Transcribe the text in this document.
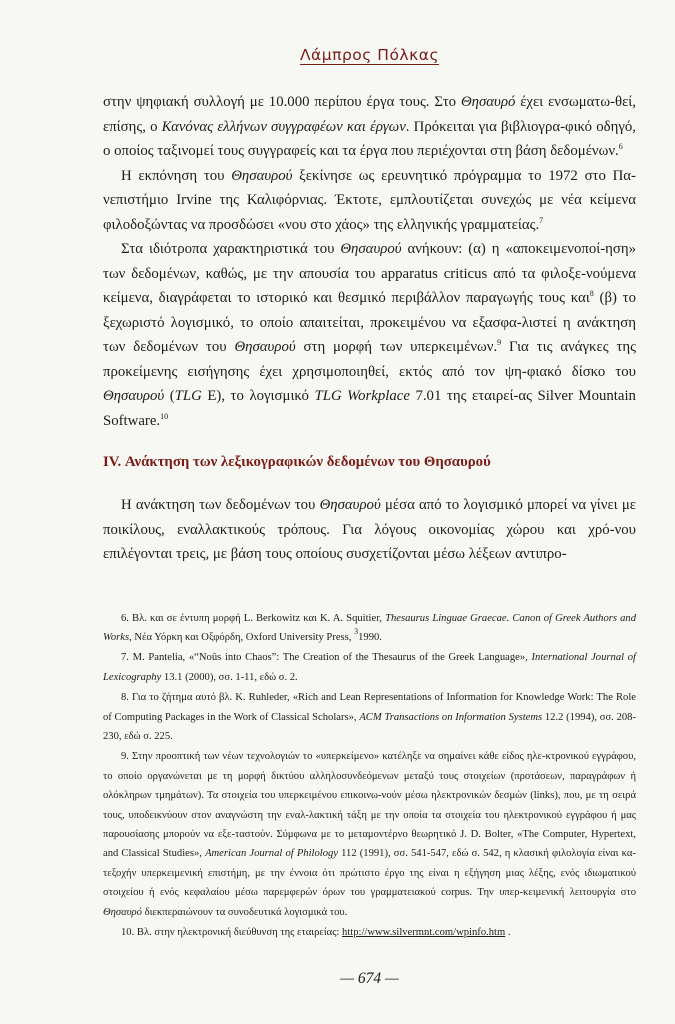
Λάμπρος Πόλκας

στην ψηφιακή συλλογή με 10.000 περίπου έργα τους. Στο Θησαυρό έχει ενσωματω-θεί, επίσης, ο Κανόνας ελλήνων συγγραφέων και έργων. Πρόκειται για βιβλιογρα-φικό οδηγό, ο οποίος ταξινομεί τους συγγραφείς και τα έργα που περιέχονται στη βάση δεδομένων.$^6$

Η εκπόνηση του Θησαυρού ξεκίνησε ως ερευνητικό πρόγραμμα το 1972 στο Πα-νεπιστήμιο Irvine της Καλιφόρνιας. Έκτοτε, εμπλουτίζεται συνεχώς με νέα κείμενα φιλοδοξώντας να προσδώσει «νου στο χάος» της ελληνικής γραμματείας.$^7$

Στα ιδιότροπα χαρακτηριστικά του Θησαυρού ανήκουν: (α) η «αποκειμενοποί-ηση» των δεδομένων, καθώς, με την απουσία του apparatus criticus από τα φιλοξε-νούμενα κείμενα, διαγράφεται το ιστορικό και θεσμικό περιβάλλον παραγωγής τους και$^8$ (β) το ξεχωριστό λογισμικό, το οποίο απαιτείται, προκειμένου να εξασφα-λιστεί η ανάκτηση των δεδομένων του Θησαυρού στη μορφή των υπερκειμένων.$^9$ Για τις ανάγκες της προκείμενης εισήγησης έχει χρησιμοποιηθεί, εκτός από τον ψη-φιακό δίσκο του Θησαυρού (TLG E), το λογισμικό TLG Workplace 7.01 της εταιρεί-ας Silver Mountain Software.$^{10}$

IV. Ανάκτηση των λεξικογραφικών δεδομένων του Θησαυρού

Η ανάκτηση των δεδομένων του Θησαυρού μέσα από το λογισμικό μπορεί να γίνει με ποικίλους, εναλλακτικούς τρόπους. Για λόγους οικονομίας χώρου και χρό-νου επιλέγονται τρεις, με βάση τους οποίους συσχετίζονται μέσω λέξεων αντιπρο-

6. Βλ. και σε έντυπη μορφή L. Berkowitz και K. A. Squitier, Thesaurus Linguae Graecae. Canon of Greek Authors and Works, Νέα Υόρκη και Οξφόρδη, Oxford University Press, $^3$1990.

7. M. Pantelia, «“Noûs into Chaos”: The Creation of the Thesaurus of the Greek Language», International Journal of Lexicography 13.1 (2000), σσ. 1-11, εδώ σ. 2.

8. Για το ζήτημα αυτό βλ. K. Ruhleder, «Rich and Lean Representations of Information for Knowledge Work: The Role of Computing Packages in the Work of Classical Scholars», ACM Transactions on Information Systems 12.2 (1994), σσ. 208-230, εδώ σ. 225.

9. Στην προοπτική των νέων τεχνολογιών το «υπερκείμενο» κατέληξε να σημαίνει κάθε είδος ηλε-κτρονικού εγγράφου, το οποίο οργανώνεται με τη μορφή δικτύου αλληλοσυνδεόμενων μεταξύ τους στοιχείων (προτάσεων, παραγράφων ή ολόκληρων τμημάτων). Τα στοιχεία του υπερκειμένου επικοινω-νούν μέσω ηλεκτρονικών δεσμών (links), που, με τη σειρά τους, υποδεικνύουν στον αναγνώστη την εναλ-λακτική τάξη με την οποία τα στοιχεία του ηλεκτρονικού εγγράφου ή μας παρουσίασης μπορούν να εξε-ταστούν. Σύμφωνα με το μεταμοντέρνο θεωρητικό J. D. Bolter, «The Computer, Hypertext, and Classical Studies», American Journal of Philology 112 (1991), σσ. 541-547, εδώ σ. 542, η κλασική φιλολογία είναι κα-τεξοχήν υπερκειμενική επιστήμη, με την έννοια ότι πρώτιστο έργο της είναι η εξήγηση μιας λέξης, ενός ιδιωματικού στοιχείου ή ενός κεφαλαίου μέσω παρεμφερών όρων του γραμματειακού corpus. Την υπερ-κειμενική λειτουργία στο Θησαυρό διεκπεραιώνουν τα συνοδευτικά λογισμικά του.

10. Βλ. στην ηλεκτρονική διεύθυνση της εταιρείας: http://www.silvermnt.com/wpinfo.htm .

— 674 —
